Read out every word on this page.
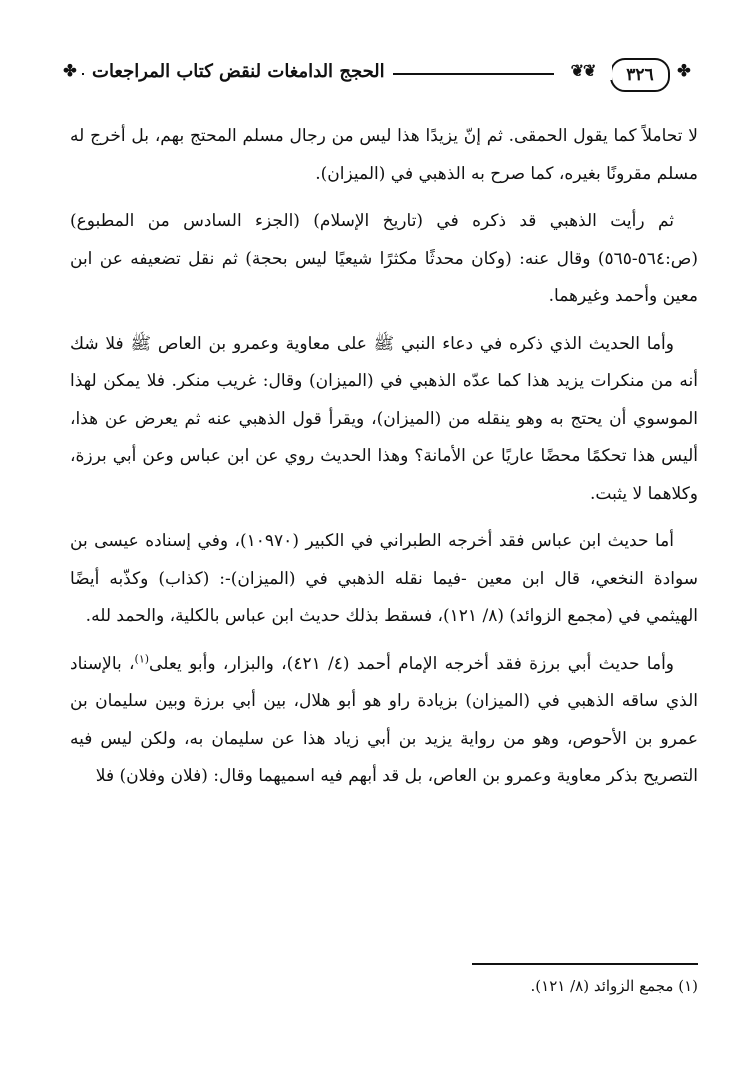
✤
٣٢٦
❦❦
الحجج الدامغات لنقض كتاب المراجعات
✤

لا تحاملاً كما يقول الحمقى. ثم إنّ يزيدًا هذا ليس من رجال مسلم المحتج بهم، بل أخرج له مسلم مقرونًا بغيره، كما صرح به الذهبي في (الميزان).

ثم رأيت الذهبي قد ذكره في (تاريخ الإسلام) (الجزء السادس من المطبوع) (ص:٥٦٤-٥٦٥) وقال عنه: (وكان محدثًا مكثرًا شيعيًا ليس بحجة) ثم نقل تضعيفه عن ابن معين وأحمد وغيرهما.

وأما الحديث الذي ذكره في دعاء النبي ﷺ على معاوية وعمرو بن العاص ﷺ فلا شك أنه من منكرات يزيد هذا كما عدّه الذهبي في (الميزان) وقال: غريب منكر. فلا يمكن لهذا الموسوي أن يحتج به وهو ينقله من (الميزان)، ويقرأ قول الذهبي عنه ثم يعرض عن هذا، أليس هذا تحكمًا محضًا عاريًا عن الأمانة؟ وهذا الحديث روي عن ابن عباس وعن أبي برزة، وكلاهما لا يثبت.

أما حديث ابن عباس فقد أخرجه الطبراني في الكبير (١٠٩٧٠)، وفي إسناده عيسى بن سوادة النخعي، قال ابن معين -فيما نقله الذهبي في (الميزان)-: (كذاب) وكذّبه أيضًا الهيثمي في (مجمع الزوائد) (٨/ ١٢١)، فسقط بذلك حديث ابن عباس بالكلية، والحمد لله.

وأما حديث أبي برزة فقد أخرجه الإمام أحمد (٤/ ٤٢١)، والبزار، وأبو يعلى$^{(١)}$، بالإسناد الذي ساقه الذهبي في (الميزان) بزيادة راو هو أبو هلال، بين أبي برزة وبين سليمان بن عمرو بن الأحوص، وهو من رواية يزيد بن أبي زياد هذا عن سليمان به، ولكن ليس فيه التصريح بذكر معاوية وعمرو بن العاص، بل قد أبهم فيه اسميهما وقال: (فلان وفلان) فلا

(١) مجمع الزوائد (٨/ ١٢١).
